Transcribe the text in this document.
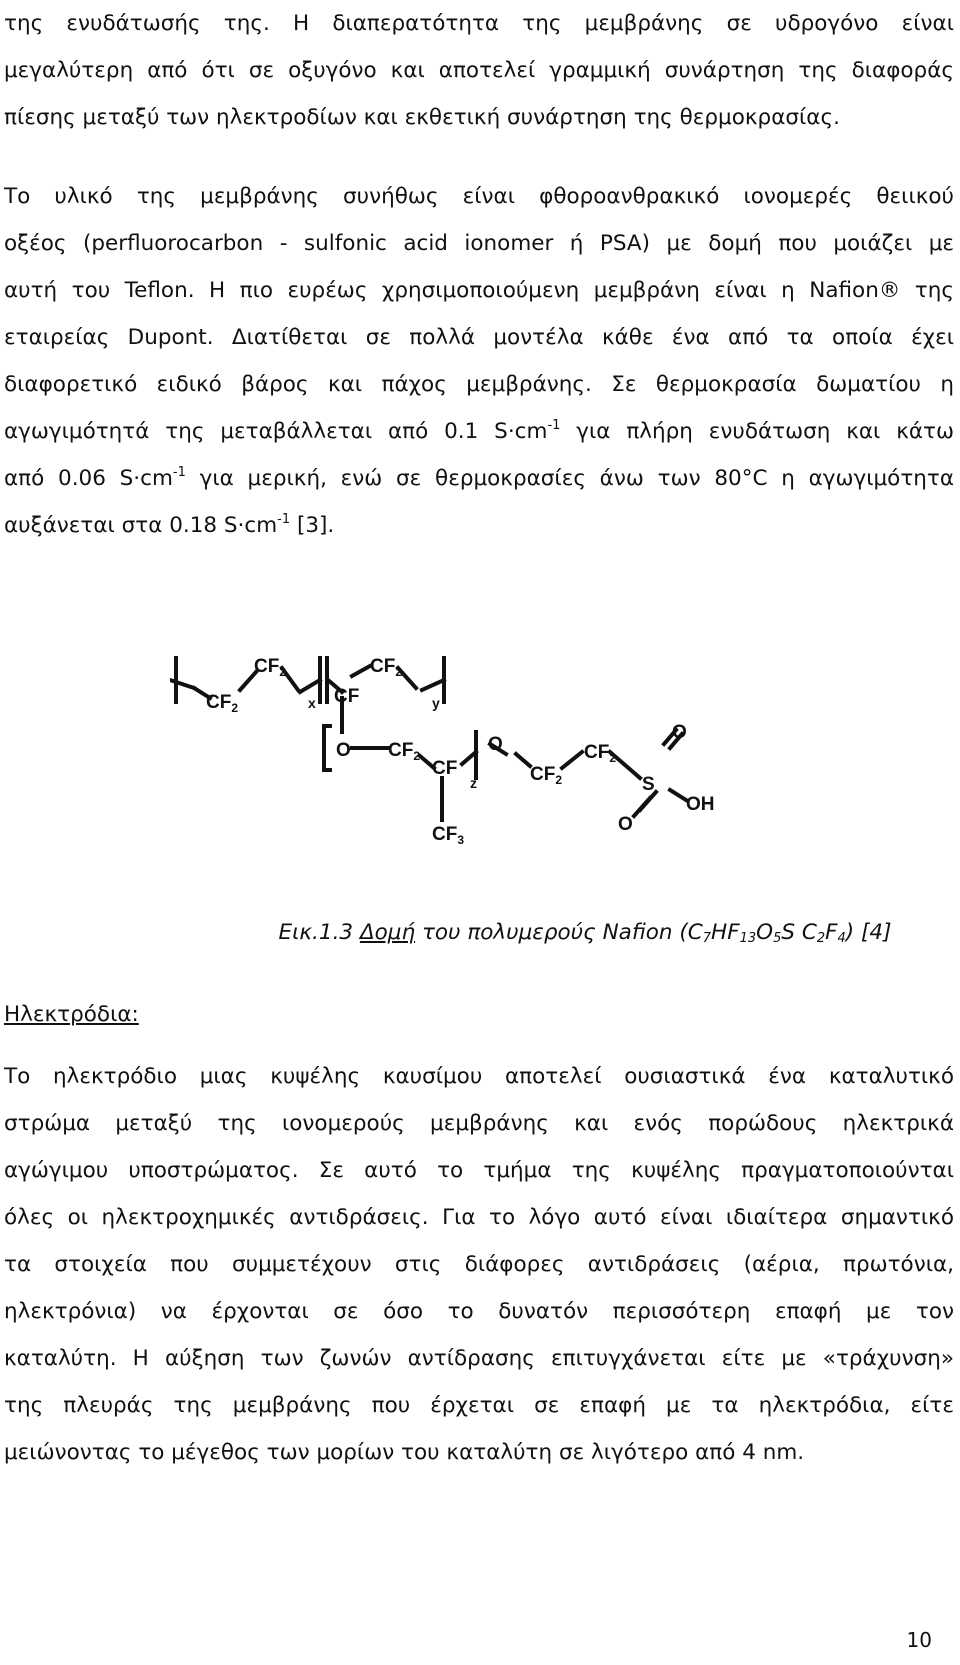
της ενυδάτωσής της. Η διαπερατότητα της μεμβράνης σε υδρογόνο είναι
μεγαλύτερη από ότι σε οξυγόνο και αποτελεί γραμμική συνάρτηση της διαφοράς
πίεσης μεταξύ των ηλεκτροδίων και εκθετική συνάρτηση της θερμοκρασίας.
Το υλικό της μεμβράνης συνήθως είναι φθοροανθρακικό ιονομερές θειικού
οξέος (perfluorocarbon - sulfonic acid ionomer ή PSA) με δομή που μοιάζει με
αυτή του Teflon. Η πιο ευρέως χρησιμοποιούμενη μεμβράνη είναι η Nafion® της
εταιρείας Dupont. Διατίθεται σε πολλά μοντέλα κάθε ένα από τα οποία έχει
διαφορετικό ειδικό βάρος και πάχος μεμβράνης. Σε θερμοκρασία δωματίου η
αγωγιμότητά της μεταβάλλεται από 0.1 $S\cdot cm^{-1}$ για πλήρη ενυδάτωση και κάτω
από 0.06 $S\cdot cm^{-1}$ για μερική, ενώ σε θερμοκρασίες άνω των 80°C η αγωγιμότητα
αυξάνεται στα 0.18 $S\cdot cm^{-1}$ [3].
$CF_2$
$CF_2$
x CF
$CF_2$
y
O $CF_2$
CF
z
O
$CF_2$
$CF_2$
S
O
OH
O
$CF_3$
Εικ.1.3 Δομή του πολυμερούς Nafion ($C_7HF_{13}O_5S$ $C_2F_4$) [4]
Ηλεκτρόδια:
Το ηλεκτρόδιο μιας κυψέλης καυσίμου αποτελεί ουσιαστικά ένα καταλυτικό
στρώμα μεταξύ της ιονομερούς μεμβράνης και ενός πορώδους ηλεκτρικά
αγώγιμου υποστρώματος. Σε αυτό το τμήμα της κυψέλης πραγματοποιούνται
όλες οι ηλεκτροχημικές αντιδράσεις. Για το λόγο αυτό είναι ιδιαίτερα σημαντικό
τα στοιχεία που συμμετέχουν στις διάφορες αντιδράσεις (αέρια, πρωτόνια,
ηλεκτρόνια) να έρχονται σε όσο το δυνατόν περισσότερη επαφή με τον
καταλύτη. Η αύξηση των ζωνών αντίδρασης επιτυγχάνεται είτε με «τράχυνση»
της πλευράς της μεμβράνης που έρχεται σε επαφή με τα ηλεκτρόδια, είτε
μειώνοντας το μέγεθος των μορίων του καταλύτη σε λιγότερο από 4 nm.
10
